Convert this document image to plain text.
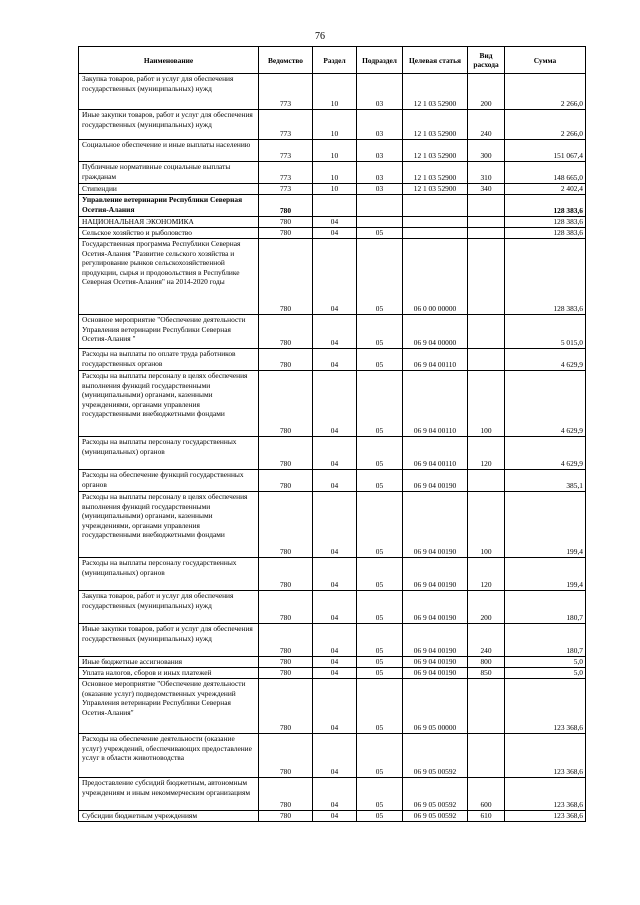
76
Наименование	Ведомство	Раздел	Подраздел	Целевая статья	Вид расхода	Сумма
Закупка товаров, работ и услуг для обеспечения государственных (муниципальных) нужд	773	10	03	12 1 03 52900	200	2 266,0
Иные закупки товаров, работ и услуг для обеспечения государственных (муниципальных) нужд	773	10	03	12 1 03 52900	240	2 266,0
Социальное обеспечение и иные выплаты населению	773	10	03	12 1 03 52900	300	151 067,4
Публичные нормативные социальные выплаты гражданам	773	10	03	12 1 03 52900	310	148 665,0
Стипендии	773	10	03	12 1 03 52900	340	2 402,4
Управление ветеринарии Республики Северная Осетия-Алания	780					128 383,6
НАЦИОНАЛЬНАЯ ЭКОНОМИКА	780	04				128 383,6
Сельское хозяйство и рыболовство	780	04	05			128 383,6
Государственная программа Республики Северная Осетия-Алания "Развитие сельского хозяйства и регулирование рынков сельскохозяйственной продукции, сырья и продовольствия в Республике Северная Осетия-Алания" на 2014-2020 годы	780	04	05	06 0 00 00000		128 383,6
Основное мероприятие "Обеспечение деятельности Управления ветеринарии Республики Северная Осетия-Алания "	780	04	05	06 9 04 00000		5 015,0
Расходы на выплаты по оплате труда работников государственных органов	780	04	05	06 9 04 00110		4 629,9
Расходы на выплаты персоналу в целях обеспечения выполнения функций государственными (муниципальными) органами, казенными учреждениями, органами управления государственными внебюджетными фондами	780	04	05	06 9 04 00110	100	4 629,9
Расходы на выплаты персоналу государственных (муниципальных) органов	780	04	05	06 9 04 00110	120	4 629,9
Расходы на обеспечение функций государственных органов	780	04	05	06 9 04 00190		385,1
Расходы на выплаты персоналу в целях обеспечения выполнения функций государственными (муниципальными) органами, казенными учреждениями, органами управления государственными внебюджетными фондами	780	04	05	06 9 04 00190	100	199,4
Расходы на выплаты персоналу государственных (муниципальных) органов	780	04	05	06 9 04 00190	120	199,4
Закупка товаров, работ и услуг для обеспечения государственных (муниципальных) нужд	780	04	05	06 9 04 00190	200	180,7
Иные закупки товаров, работ и услуг для обеспечения государственных (муниципальных) нужд	780	04	05	06 9 04 00190	240	180,7
Иные бюджетные ассигнования	780	04	05	06 9 04 00190	800	5,0
Уплата налогов, сборов и иных платежей	780	04	05	06 9 04 00190	850	5,0
Основное мероприятие "Обеспечение деятельности (оказание услуг) подведомственных учреждений Управления ветеринарии Республики Северная Осетия-Алания"	780	04	05	06 9 05 00000		123 368,6
Расходы на обеспечение деятельности (оказание услуг) учреждений, обеспечивающих предоставление услуг в области животноводства	780	04	05	06 9 05 00592		123 368,6
Предоставление субсидий бюджетным, автономным учреждениям и иным некоммерческим организациям	780	04	05	06 9 05 00592	600	123 368,6
Субсидии бюджетным учреждениям	780	04	05	06 9 05 00592	610	123 368,6
